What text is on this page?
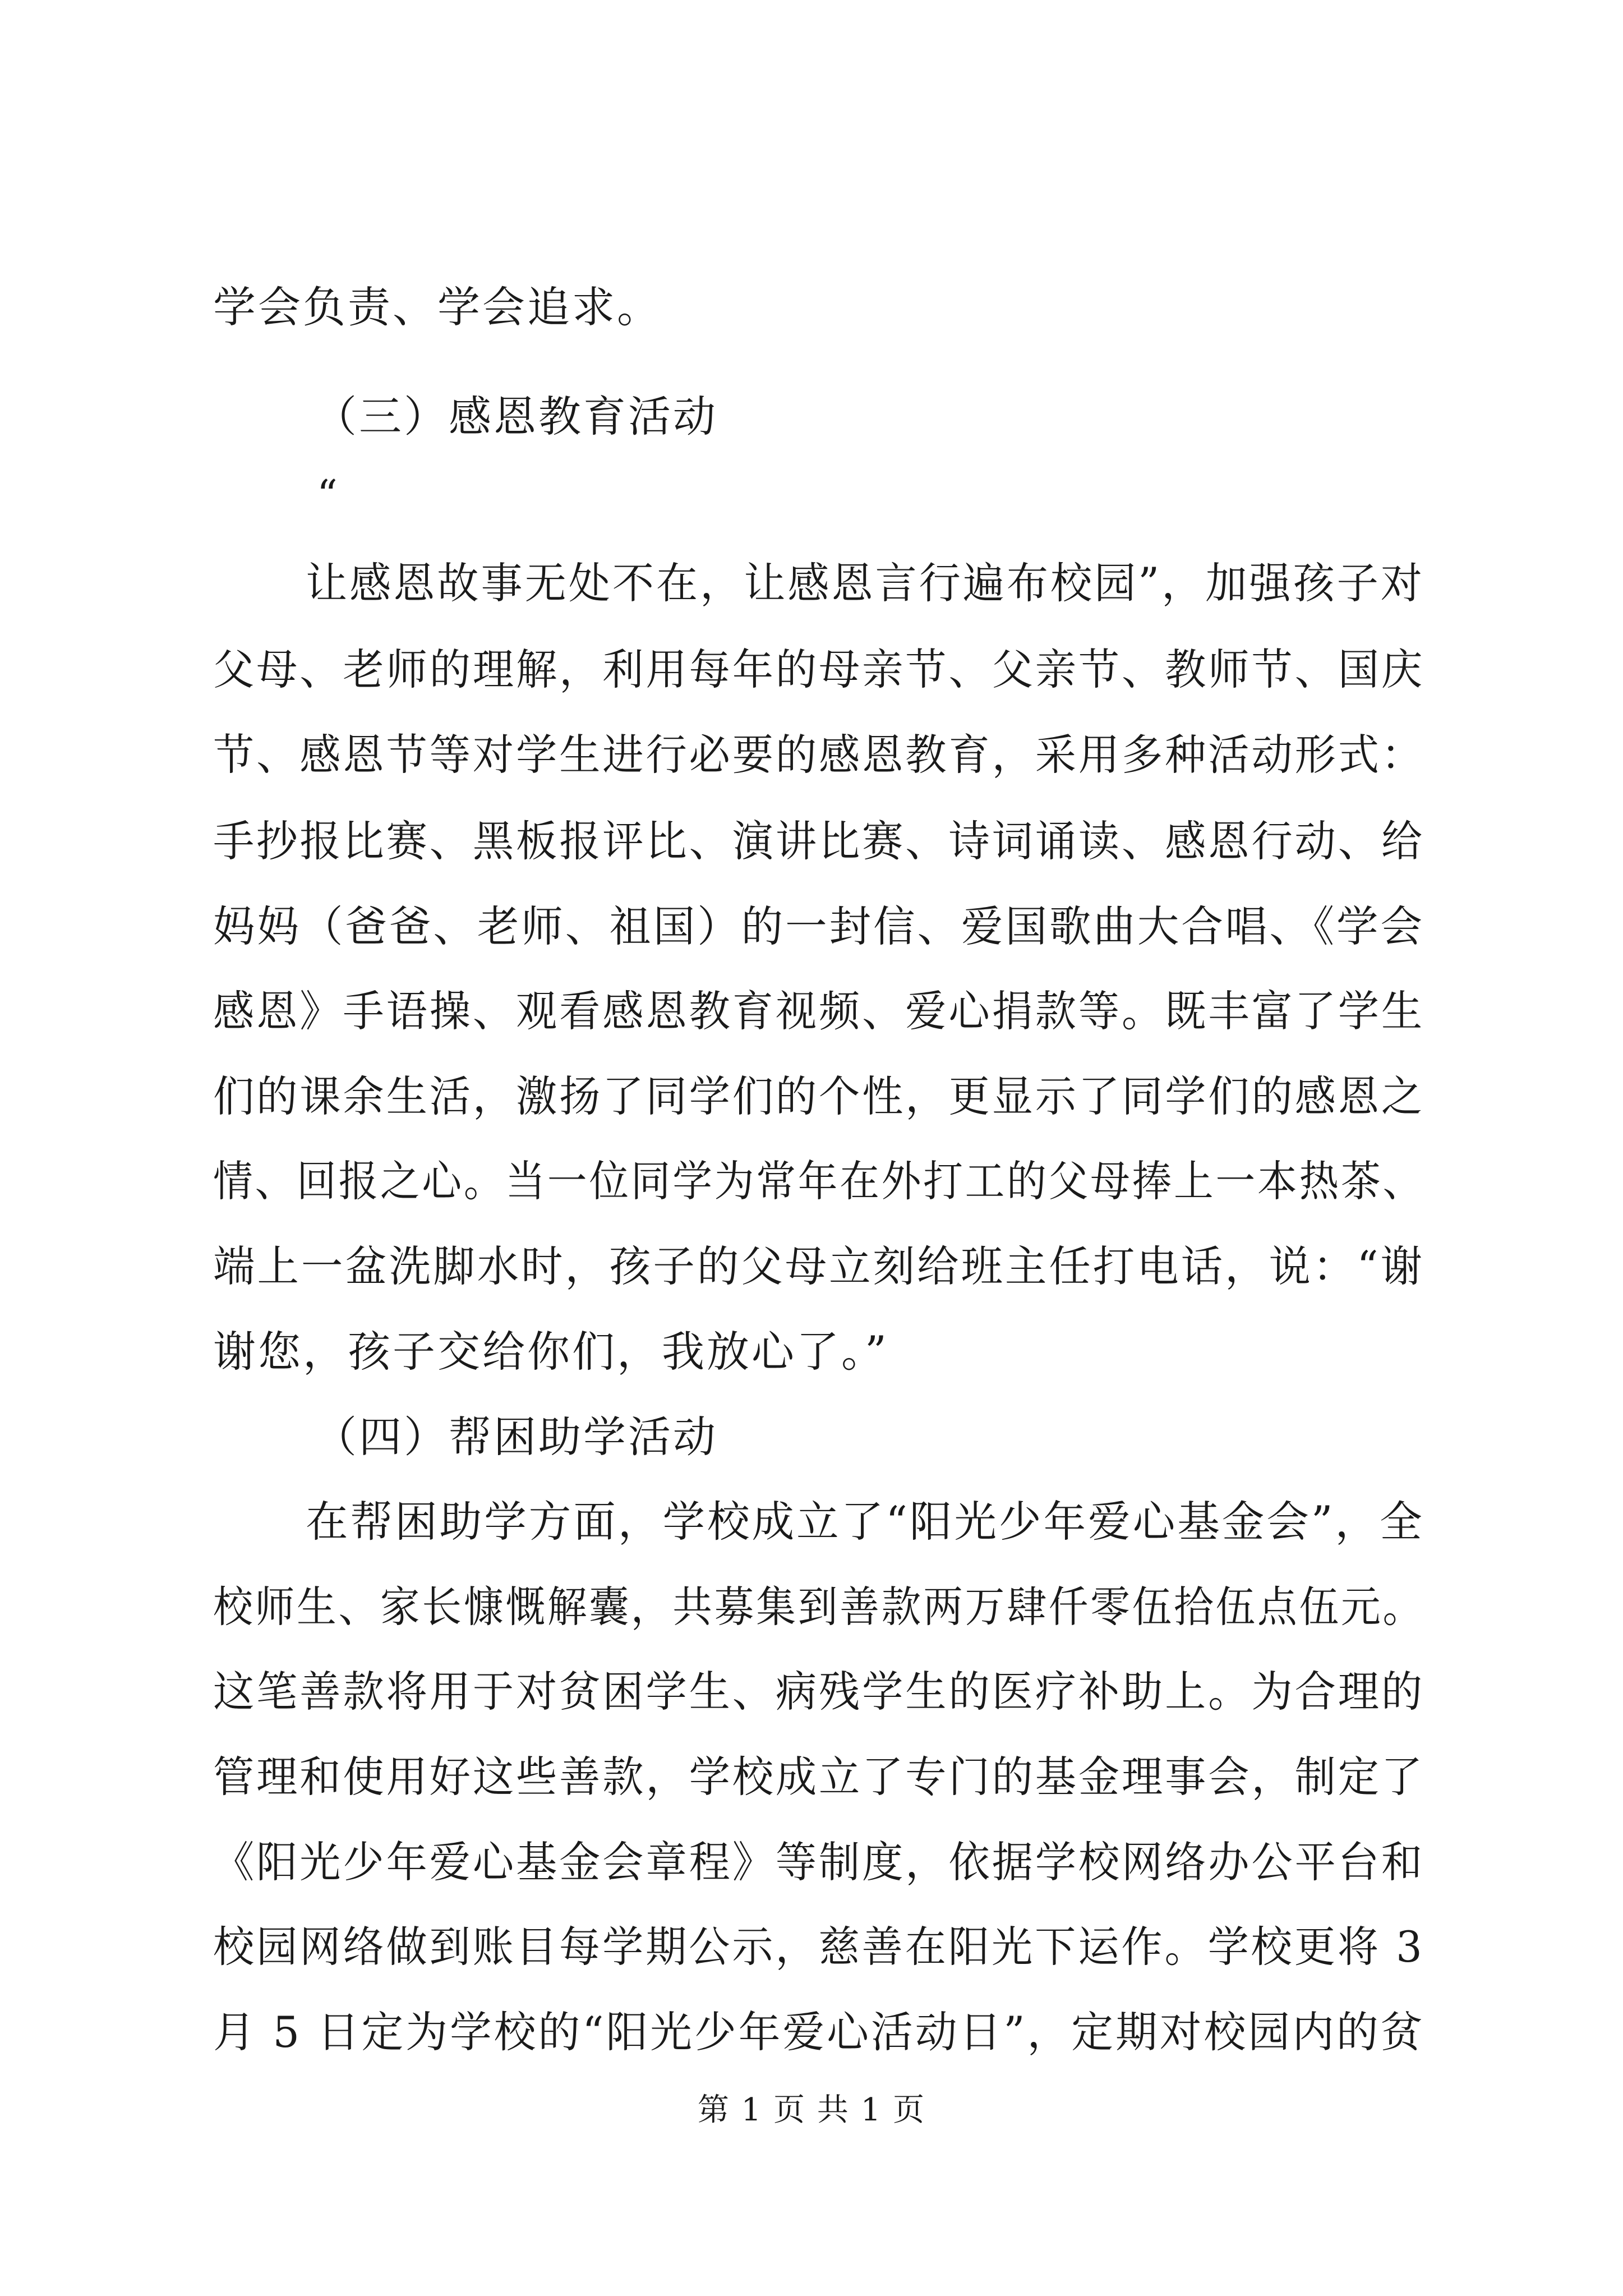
学会负责、学会追求。
（三）感恩教育活动
“
让感恩故事无处不在，让感恩言行遍布校园”，加强孩子对
父母、老师的理解，利用每年的母亲节、父亲节、教师节、国庆
节、感恩节等对学生进行必要的感恩教育，采用多种活动形式：
手抄报比赛、黑板报评比、演讲比赛、诗词诵读、感恩行动、给
妈妈（爸爸、老师、祖国）的一封信、爱国歌曲大合唱、《学会
感恩》手语操、观看感恩教育视频、爱心捐款等。既丰富了学生
们的课余生活，激扬了同学们的个性，更显示了同学们的感恩之
情、回报之心。当一位同学为常年在外打工的父母捧上一本热茶、
端上一盆洗脚水时，孩子的父母立刻给班主任打电话，说：“谢
谢您，孩子交给你们，我放心了。”
（四）帮困助学活动
在帮困助学方面，学校成立了“阳光少年爱心基金会”，全
校师生、家长慷慨解囊，共募集到善款两万肆仟零伍拾伍点伍元。
这笔善款将用于对贫困学生、病残学生的医疗补助上。为合理的
管理和使用好这些善款，学校成立了专门的基金理事会，制定了
《阳光少年爱心基金会章程》等制度，依据学校网络办公平台和
校园网络做到账目每学期公示，慈善在阳光下运作。学校更将 3
月 5 日定为学校的“阳光少年爱心活动日”，定期对校园内的贫
第 1 页 共 1 页
